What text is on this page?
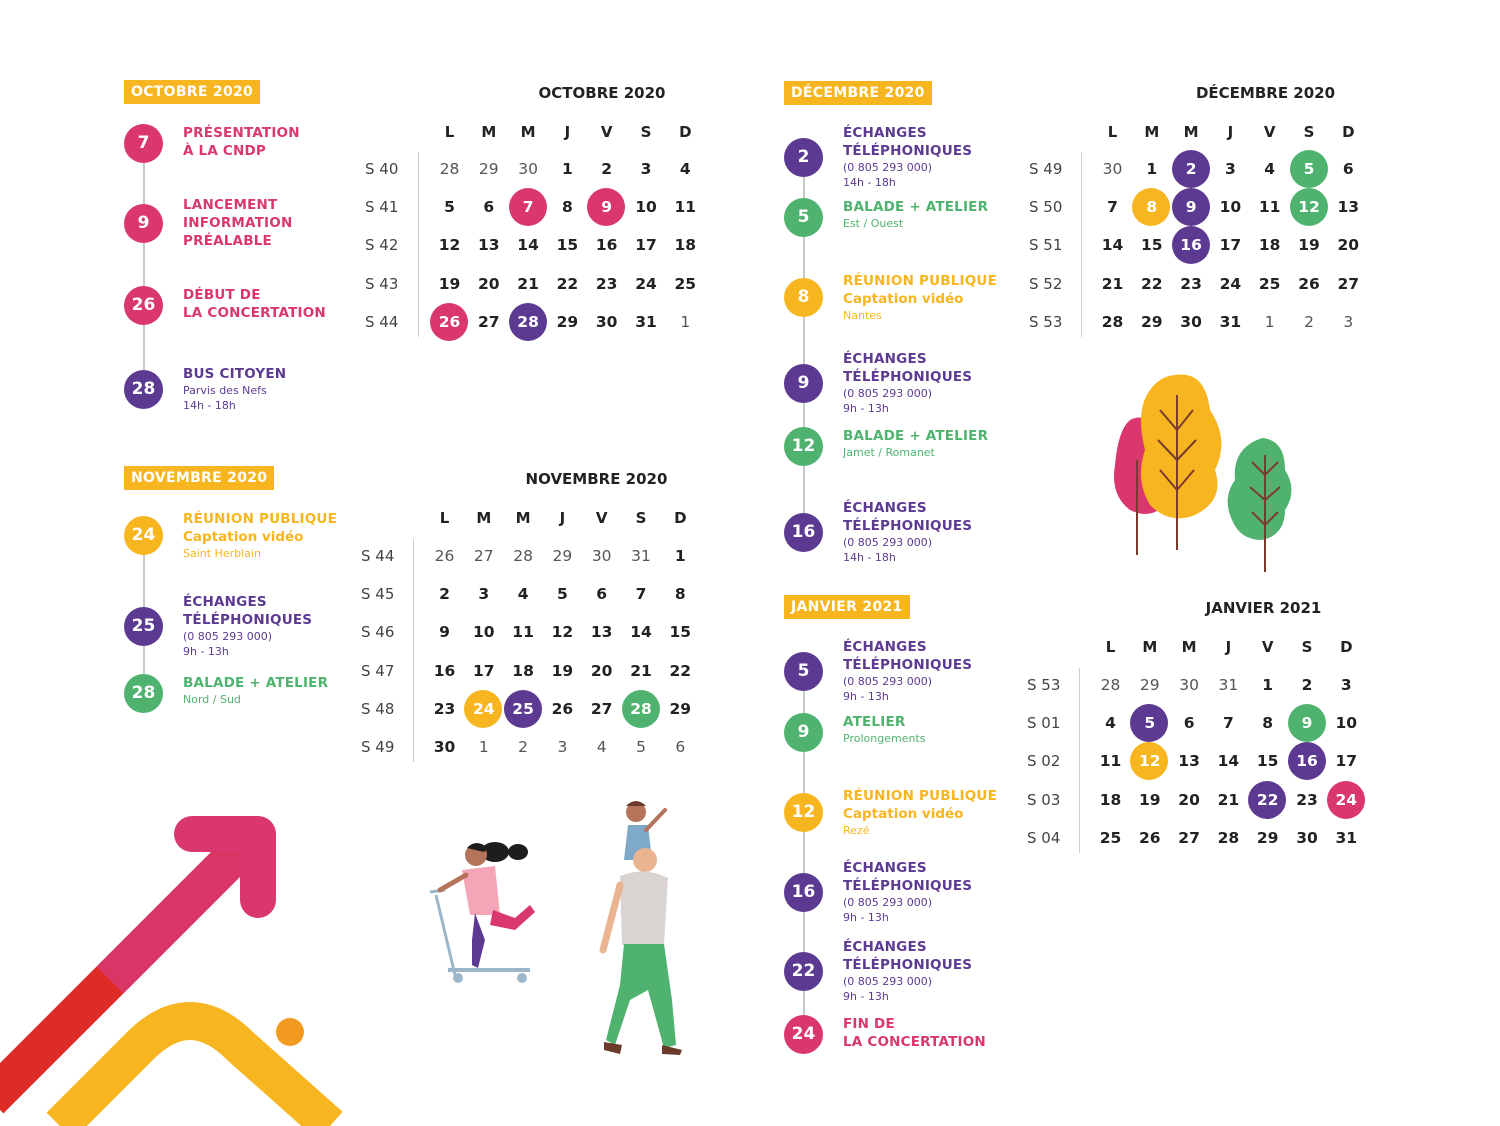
OCTOBRE 2020
7	PRÉSENTATION
À LA CNDP
9
LANCEMENT
INFORMATION
PRÉALABLE
26	DÉBUT DE
LA CONCERTATION
28
BUS CITOYEN
Parvis des Nefs
14h - 18h
NOVEMBRE 2020
24
RÉUNION PUBLIQUE
Captation vidéo
Saint Herblain
25
ÉCHANGES
TÉLÉPHONIQUES
(0 805 293 000)
9h - 13h
28	BALADE + ATELIER
Nord / Sud
DÉCEMBRE 2020
2
ÉCHANGES
TÉLÉPHONIQUES
(0 805 293 000)
14h - 18h
5	BALADE + ATELIER
Est / Ouest
8
RÉUNION PUBLIQUE
Captation vidéo
Nantes
9
ÉCHANGES
TÉLÉPHONIQUES
(0 805 293 000)
9h - 13h
12	BALADE + ATELIER
Jamet / Romanet
16
ÉCHANGES
TÉLÉPHONIQUES
(0 805 293 000)
14h - 18h
JANVIER 2021
5
ÉCHANGES
TÉLÉPHONIQUES
(0 805 293 000)
9h - 13h
9	ATELIER
Prolongements
12
RÉUNION PUBLIQUE
Captation vidéo
Rezé
16
ÉCHANGES
TÉLÉPHONIQUES
(0 805 293 000)
9h - 13h
22
ÉCHANGES
TÉLÉPHONIQUES
(0 805 293 000)
9h - 13h
24	FIN DE
LA CONCERTATION
OCTOBRE 2020
L	M	M	J	V	S	D
S 40	28	29	30	1	2	3	4
S 41	5	6	7	8	9	10	11
S 42	12	13	14	15	16	17	18
S 43	19	20	21	22	23	24	25
S 44	26	27	28	29	30	31	1
NOVEMBRE 2020
L	M	M	J	V	S	D
S 44	26	27	28	29	30	31	1
S 45	2	3	4	5	6	7	8
S 46	9	10	11	12	13	14	15
S 47	16	17	18	19	20	21	22
S 48	23	24	25	26	27	28	29
S 49	30	1	2	3	4	5	6
DÉCEMBRE 2020
L	M	M	J	V	S	D
S 49	30	1	2	3	4	5	6
S 50	7	8	9	10	11	12	13
S 51	14	15	16	17	18	19	20
S 52	21	22	23	24	25	26	27
S 53	28	29	30	31	1	2	3
JANVIER 2021
L	M	M	J	V	S	D
S 53	28	29	30	31	1	2	3
S 01	4	5	6	7	8	9	10
S 02	11	12	13	14	15	16	17
S 03	18	19	20	21	22	23	24
S 04	25	26	27	28	29	30	31
